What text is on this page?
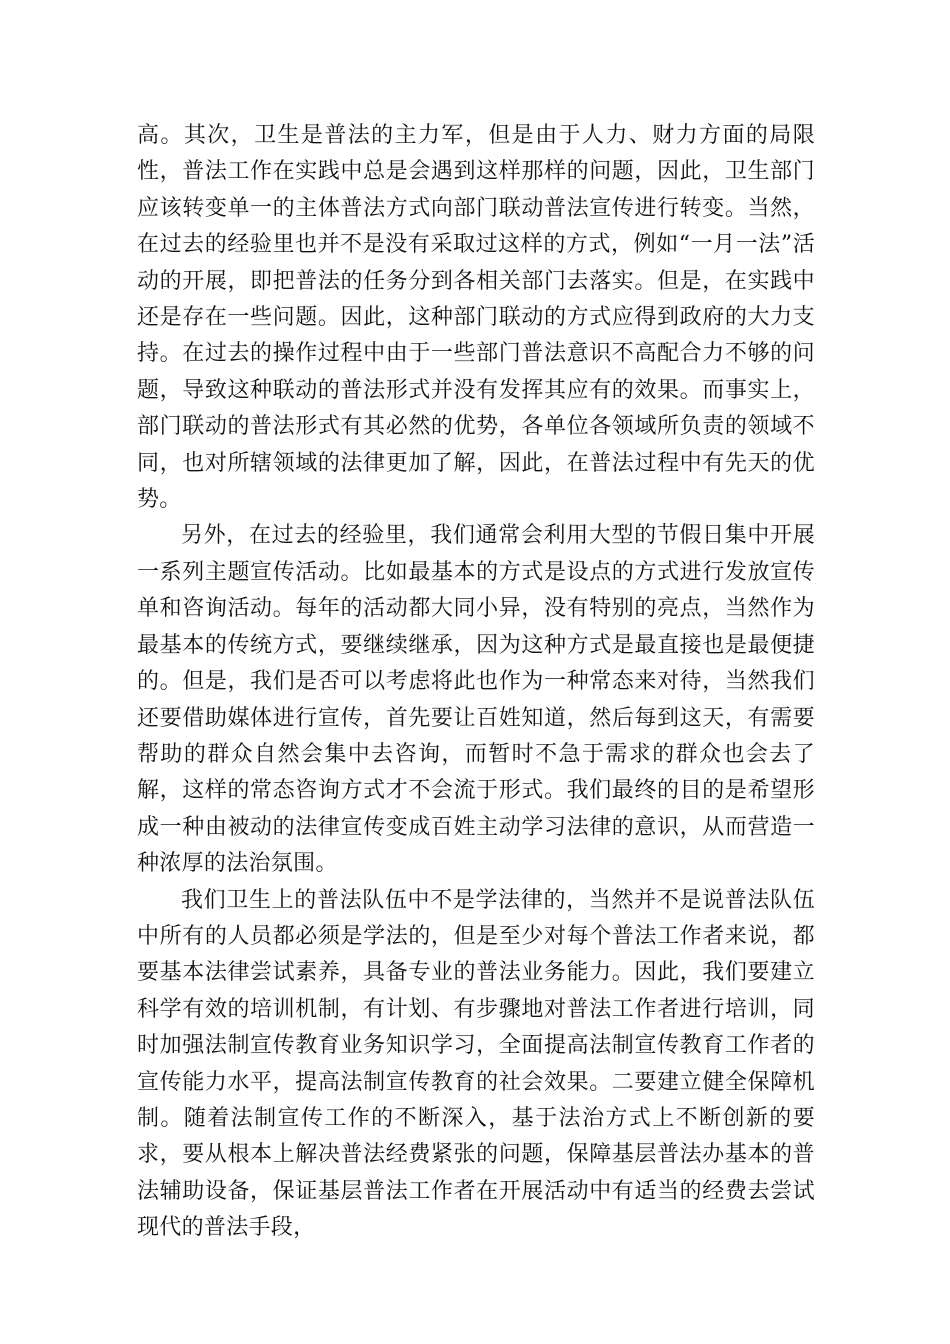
高。其次，卫生是普法的主力军，但是由于人力、财力方面的局限性，普法工作在实践中总是会遇到这样那样的问题，因此，卫生部门应该转变单一的主体普法方式向部门联动普法宣传进行转变。当然，在过去的经验里也并不是没有采取过这样的方式，例如“一月一法”活动的开展，即把普法的任务分到各相关部门去落实。但是，在实践中还是存在一些问题。因此，这种部门联动的方式应得到政府的大力支持。在过去的操作过程中由于一些部门普法意识不高配合力不够的问题，导致这种联动的普法形式并没有发挥其应有的效果。而事实上，部门联动的普法形式有其必然的优势，各单位各领域所负责的领域不同，也对所辖领域的法律更加了解，因此，在普法过程中有先天的优势。

另外，在过去的经验里，我们通常会利用大型的节假日集中开展一系列主题宣传活动。比如最基本的方式是设点的方式进行发放宣传单和咨询活动。每年的活动都大同小异，没有特别的亮点，当然作为最基本的传统方式，要继续继承，因为这种方式是最直接也是最便捷的。但是，我们是否可以考虑将此也作为一种常态来对待，当然我们还要借助媒体进行宣传，首先要让百姓知道，然后每到这天，有需要帮助的群众自然会集中去咨询，而暂时不急于需求的群众也会去了解，这样的常态咨询方式才不会流于形式。我们最终的目的是希望形成一种由被动的法律宣传变成百姓主动学习法律的意识，从而营造一种浓厚的法治氛围。

我们卫生上的普法队伍中不是学法律的，当然并不是说普法队伍中所有的人员都必须是学法的，但是至少对每个普法工作者来说，都要基本法律尝试素养，具备专业的普法业务能力。因此，我们要建立科学有效的培训机制，有计划、有步骤地对普法工作者进行培训，同时加强法制宣传教育业务知识学习，全面提高法制宣传教育工作者的宣传能力水平，提高法制宣传教育的社会效果。二要建立健全保障机制。随着法制宣传工作的不断深入，基于法治方式上不断创新的要求，要从根本上解决普法经费紧张的问题，保障基层普法办基本的普法辅助设备，保证基层普法工作者在开展活动中有适当的经费去尝试现代的普法手段，
